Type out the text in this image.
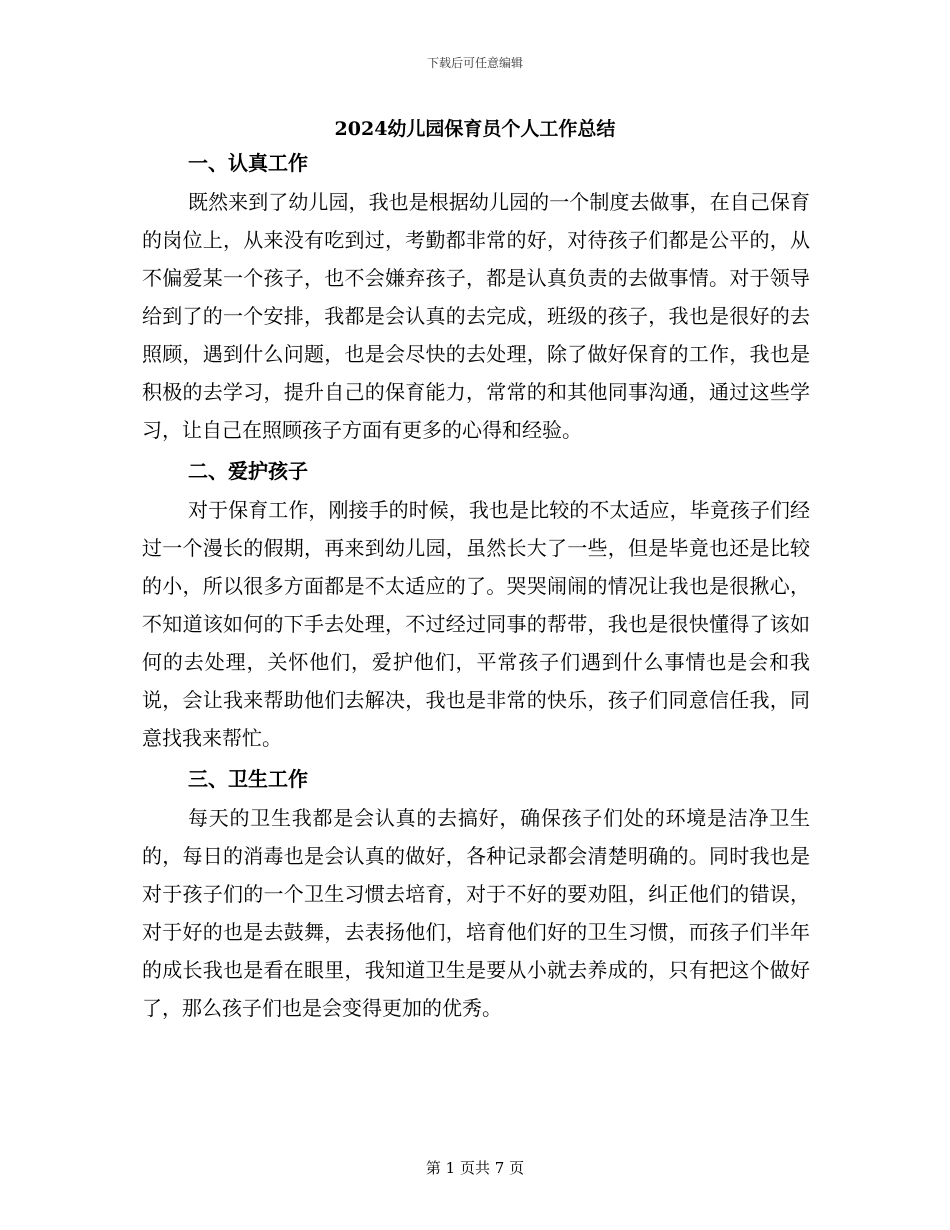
下载后可任意编辑
2024幼儿园保育员个人工作总结
一、认真工作

既然来到了幼儿园，我也是根据幼儿园的一个制度去做事，在自己保育的岗位上，从来没有吃到过，考勤都非常的好，对待孩子们都是公平的，从不偏爱某一个孩子，也不会嫌弃孩子，都是认真负责的去做事情。对于领导给到了的一个安排，我都是会认真的去完成，班级的孩子，我也是很好的去照顾，遇到什么问题，也是会尽快的去处理，除了做好保育的工作，我也是积极的去学习，提升自己的保育能力，常常的和其他同事沟通，通过这些学习，让自己在照顾孩子方面有更多的心得和经验。

二、爱护孩子

对于保育工作，刚接手的时候，我也是比较的不太适应，毕竟孩子们经过一个漫长的假期，再来到幼儿园，虽然长大了一些，但是毕竟也还是比较的小，所以很多方面都是不太适应的了。哭哭闹闹的情况让我也是很揪心，不知道该如何的下手去处理，不过经过同事的帮带，我也是很快懂得了该如何的去处理，关怀他们，爱护他们，平常孩子们遇到什么事情也是会和我说，会让我来帮助他们去解决，我也是非常的快乐，孩子们同意信任我，同意找我来帮忙。

三、卫生工作

每天的卫生我都是会认真的去搞好，确保孩子们处的环境是洁净卫生的，每日的消毒也是会认真的做好，各种记录都会清楚明确的。同时我也是对于孩子们的一个卫生习惯去培育，对于不好的要劝阻，纠正他们的错误，对于好的也是去鼓舞，去表扬他们，培育他们好的卫生习惯，而孩子们半年的成长我也是看在眼里，我知道卫生是要从小就去养成的，只有把这个做好了，那么孩子们也是会变得更加的优秀。

第 1 页共 7 页
